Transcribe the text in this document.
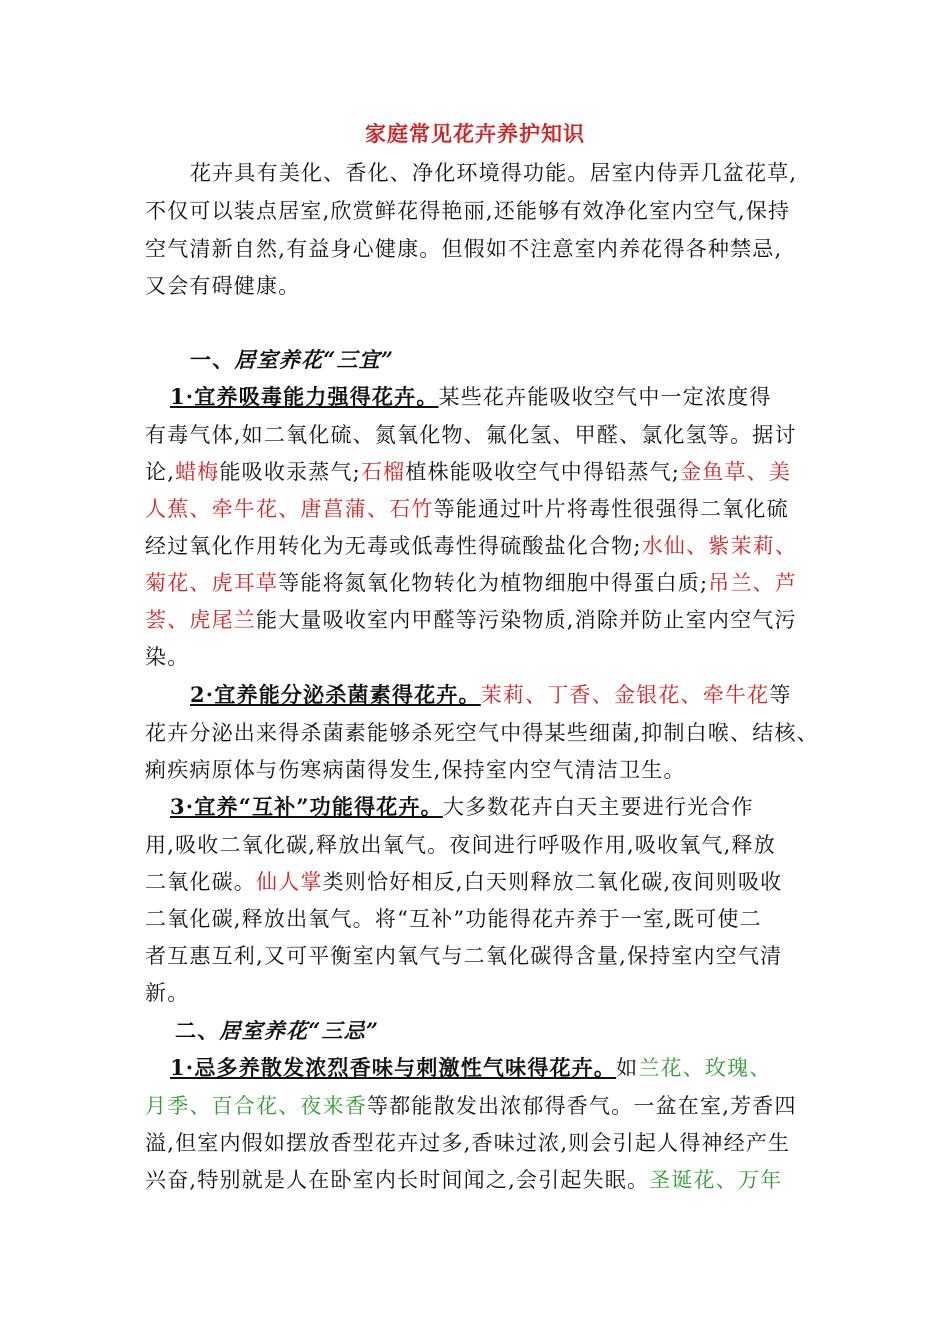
家庭常见花卉养护知识
花卉具有美化、香化、净化环境得功能。居室内侍弄几盆花草,
不仅可以装点居室,欣赏鲜花得艳丽,还能够有效净化室内空气,保持
空气清新自然,有益身心健康。但假如不注意室内养花得各种禁忌,
又会有碍健康。
一、居室养花“三宜”
1·宜养吸毒能力强得花卉。某些花卉能吸收空气中一定浓度得
有毒气体,如二氧化硫、氮氧化物、氟化氢、甲醛、氯化氢等。据讨
论,蜡梅能吸收汞蒸气;石榴植株能吸收空气中得铅蒸气;金鱼草、美
人蕉、牵牛花、唐菖蒲、石竹等能通过叶片将毒性很强得二氧化硫
经过氧化作用转化为无毒或低毒性得硫酸盐化合物;水仙、紫茉莉、
菊花、虎耳草等能将氮氧化物转化为植物细胞中得蛋白质;吊兰、芦
荟、虎尾兰能大量吸收室内甲醛等污染物质,消除并防止室内空气污
染。
2·宜养能分泌杀菌素得花卉。茉莉、丁香、金银花、牵牛花等
花卉分泌出来得杀菌素能够杀死空气中得某些细菌,抑制白喉、结核、
痢疾病原体与伤寒病菌得发生,保持室内空气清洁卫生。
3·宜养“互补”功能得花卉。大多数花卉白天主要进行光合作
用,吸收二氧化碳,释放出氧气。夜间进行呼吸作用,吸收氧气,释放
二氧化碳。仙人掌类则恰好相反,白天则释放二氧化碳,夜间则吸收
二氧化碳,释放出氧气。将“互补”功能得花卉养于一室,既可使二
者互惠互利,又可平衡室内氧气与二氧化碳得含量,保持室内空气清
新。
二、居室养花“三忌”
1·忌多养散发浓烈香味与刺激性气味得花卉。如兰花、玫瑰、
月季、百合花、夜来香等都能散发出浓郁得香气。一盆在室,芳香四
溢,但室内假如摆放香型花卉过多,香味过浓,则会引起人得神经产生
兴奋,特别就是人在卧室内长时间闻之,会引起失眠。圣诞花、万年
